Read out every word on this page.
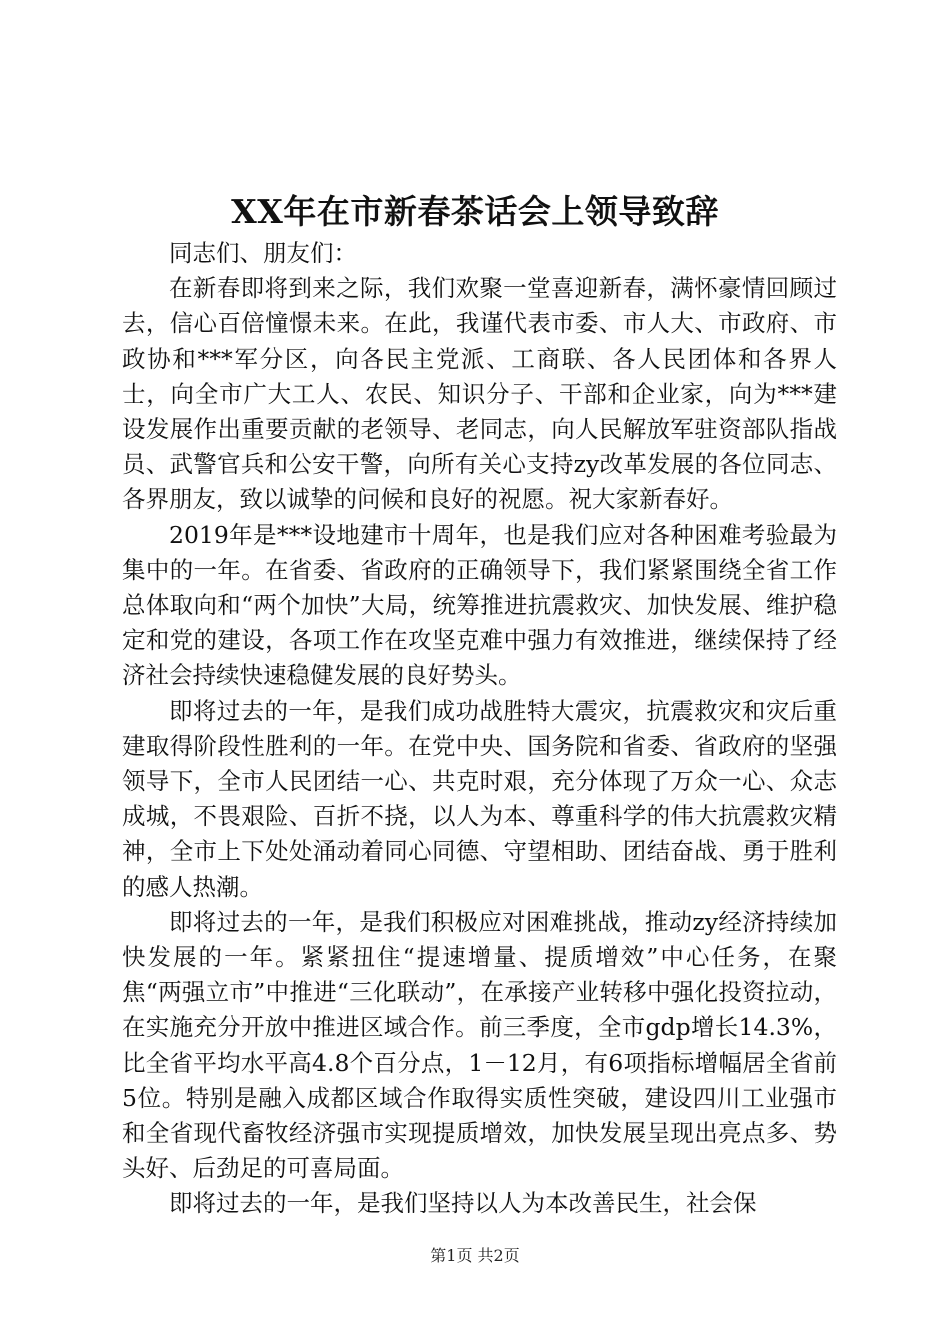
XX年在市新春茶话会上领导致辞

同志们、朋友们：

在新春即将到来之际，我们欢聚一堂喜迎新春，满怀豪情回顾过去，信心百倍憧憬未来。在此，我谨代表市委、市人大、市政府、市政协和***军分区，向各民主党派、工商联、各人民团体和各界人士，向全市广大工人、农民、知识分子、干部和企业家，向为***建设发展作出重要贡献的老领导、老同志，向人民解放军驻资部队指战员、武警官兵和公安干警，向所有关心支持zy改革发展的各位同志、各界朋友，致以诚挚的问候和良好的祝愿。祝大家新春好。

2019年是***设地建市十周年，也是我们应对各种困难考验最为集中的一年。在省委、省政府的正确领导下，我们紧紧围绕全省工作总体取向和“两个加快”大局，统筹推进抗震救灾、加快发展、维护稳定和党的建设，各项工作在攻坚克难中强力有效推进，继续保持了经济社会持续快速稳健发展的良好势头。

即将过去的一年，是我们成功战胜特大震灾，抗震救灾和灾后重建取得阶段性胜利的一年。在党中央、国务院和省委、省政府的坚强领导下，全市人民团结一心、共克时艰，充分体现了万众一心、众志成城，不畏艰险、百折不挠，以人为本、尊重科学的伟大抗震救灾精神，全市上下处处涌动着同心同德、守望相助、团结奋战、勇于胜利的感人热潮。

即将过去的一年，是我们积极应对困难挑战，推动zy经济持续加快发展的一年。紧紧扭住“提速增量、提质增效”中心任务，在聚焦“两强立市”中推进“三化联动”，在承接产业转移中强化投资拉动，在实施充分开放中推进区域合作。前三季度，全市gdp增长14.3%，比全省平均水平高4.8个百分点，1－12月，有6项指标增幅居全省前5位。特别是融入成都区域合作取得实质性突破，建设四川工业强市和全省现代畜牧经济强市实现提质增效，加快发展呈现出亮点多、势头好、后劲足的可喜局面。

即将过去的一年，是我们坚持以人为本改善民生，社会保

第1页 共2页
